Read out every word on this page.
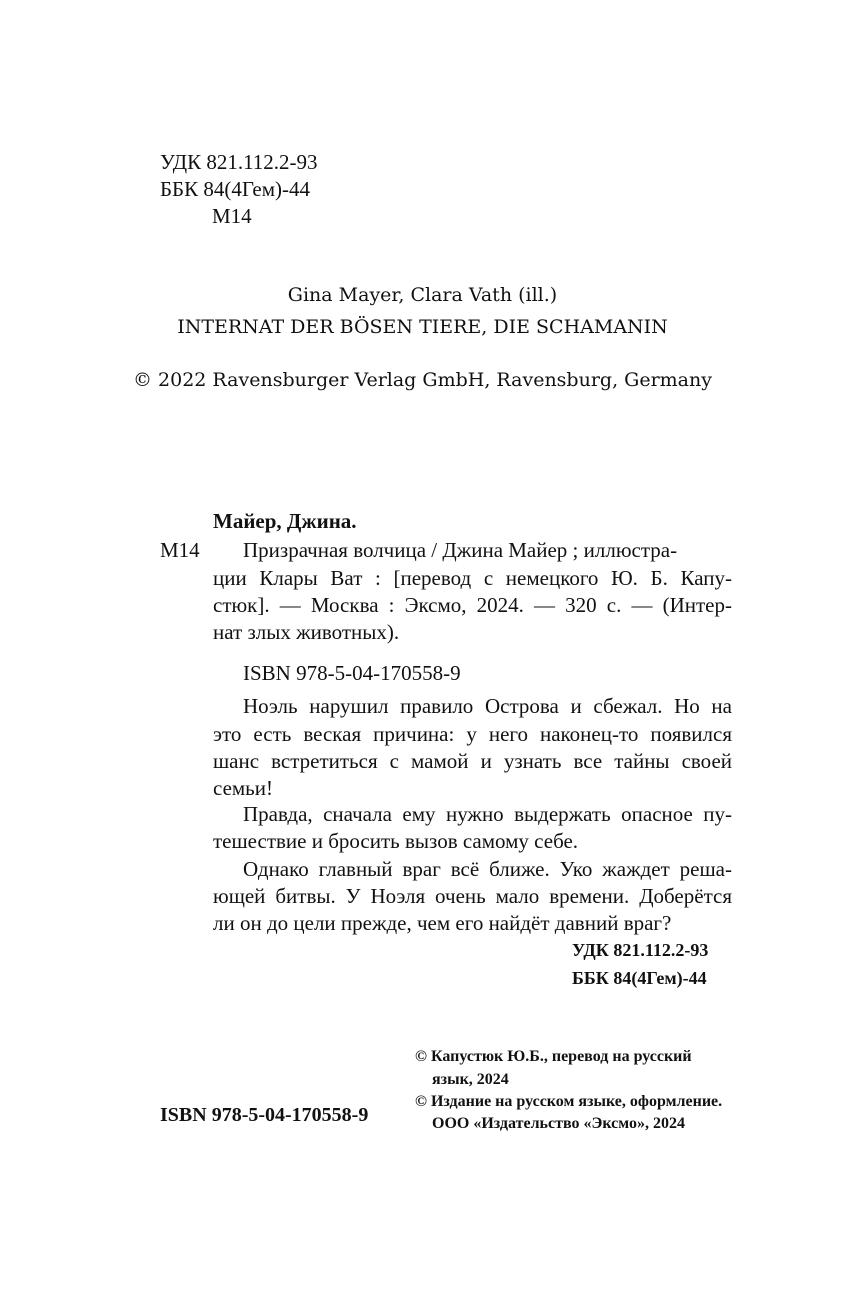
УДК 821.112.2-93

ББК 84(4Гем)-44

М14

Gina Mayer, Clara Vath (ill.)

INTERNAT DER BÖSEN TIERE, DIE SCHAMANIN

© 2022 Ravensburger Verlag GmbH, Ravensburg, Germany

Майер, Джина.

М14 Призрачная волчица / Джина Майер ; иллюстра-

ции Клары Ват : [перевод с немецкого Ю. Б. Капу-

стюк]. — Москва : Эксмо, 2024. — 320 с. — (Интер-

нат злых животных).

ISBN 978-5-04-170558-9

Ноэль нарушил правило Острова и сбежал. Но на

это есть веская причина: у него наконец-то появился

шанс встретиться с мамой и узнать все тайны своей

семьи!

Правда, сначала ему нужно выдержать опасное пу-

тешествие и бросить вызов самому себе.

Однако главный враг всё ближе. Уко жаждет реша-

ющей битвы. У Ноэля очень мало времени. Доберётся

ли он до цели прежде, чем его найдёт давний враг?

УДК 821.112.2-93

ББК 84(4Гем)-44

© Капустюк Ю.Б., перевод на русский

язык, 2024

© Издание на русском языке, оформление.

ООО «Издательство «Эксмо», 2024

ISBN 978-5-04-170558-9
